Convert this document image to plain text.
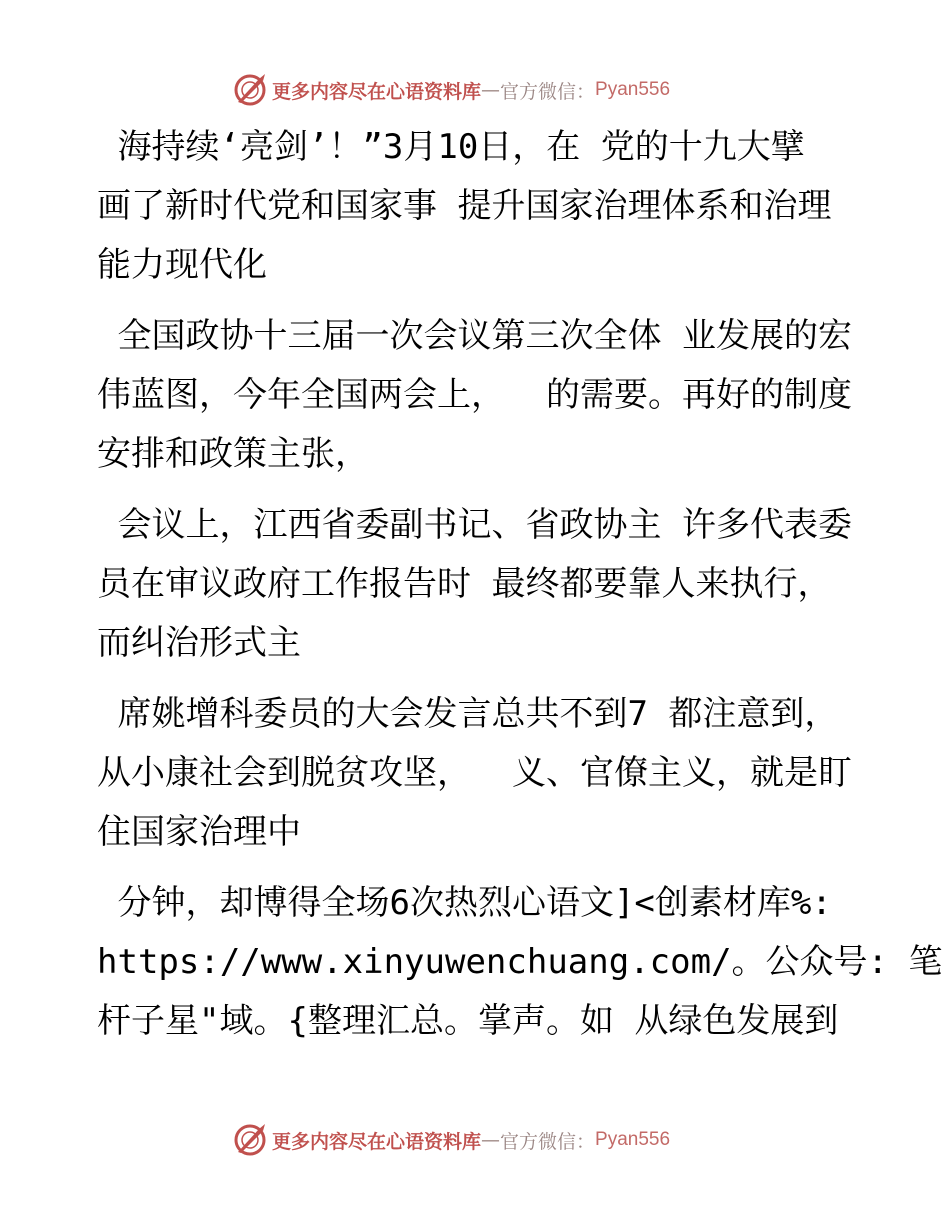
更多内容尽在心语资料库 — 官方微信： Pyan556
海持续‘亮剑’！”3月10日，在 党的十九大擘
画了新时代党和国家事 提升国家治理体系和治理
能力现代化
全国政协十三届一次会议第三次全体 业发展的宏
伟蓝图，今年全国两会上，  的需要。再好的制度
安排和政策主张，
会议上，江西省委副书记、省政协主 许多代表委
员在审议政府工作报告时 最终都要靠人来执行，
而纠治形式主
席姚增科委员的大会发言总共不到7 都注意到，
从小康社会到脱贫攻坚，  义、官僚主义，就是盯
住国家治理中
分钟，却博得全场6次热烈心语文]<创素材库%:
https://www.xinyuwenchuang.com/。公众号: 笔
杆子星"域。{整理汇总。掌声。如 从绿色发展到
更多内容尽在心语资料库 — 官方微信： Pyan556
